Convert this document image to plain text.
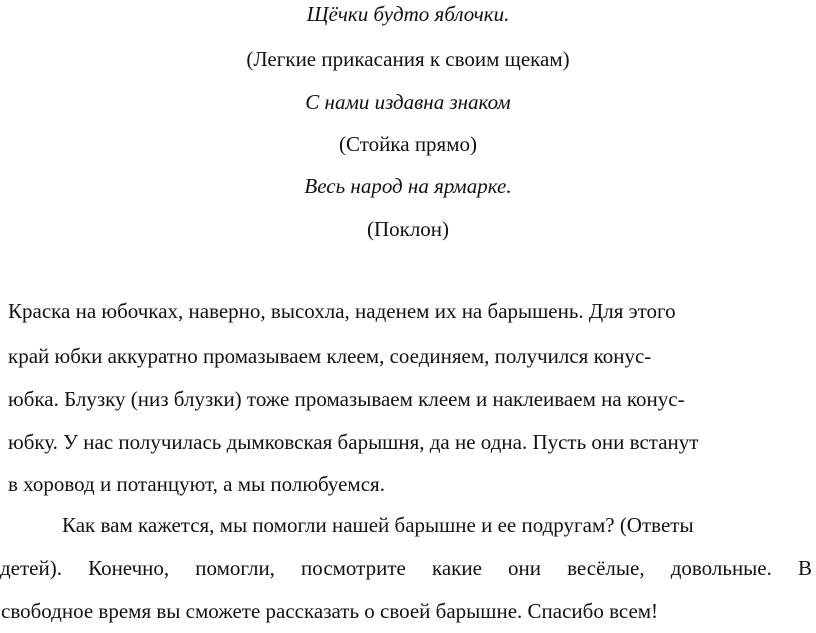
Щёчки будто яблочки.
(Легкие прикасания к своим щекам)
С нами издавна знаком
(Стойка прямо)
Весь народ на ярмарке.
(Поклон)
Краска на юбочках, наверно, высохла, наденем их на барышень. Для этого
край юбки аккуратно промазываем клеем, соединяем, получился конус-
юбка. Блузку (низ блузки) тоже промазываем клеем и наклеиваем на конус-
юбку. У нас получилась дымковская барышня, да не одна. Пусть они встанут
в хоровод и потанцуют, а мы полюбуемся.
Как вам кажется, мы помогли нашей барышне и ее подругам? (Ответы
детей). Конечно, помогли, посмотрите какие они весёлые, довольные. В
свободное время вы сможете рассказать о своей барышне. Спасибо всем!
